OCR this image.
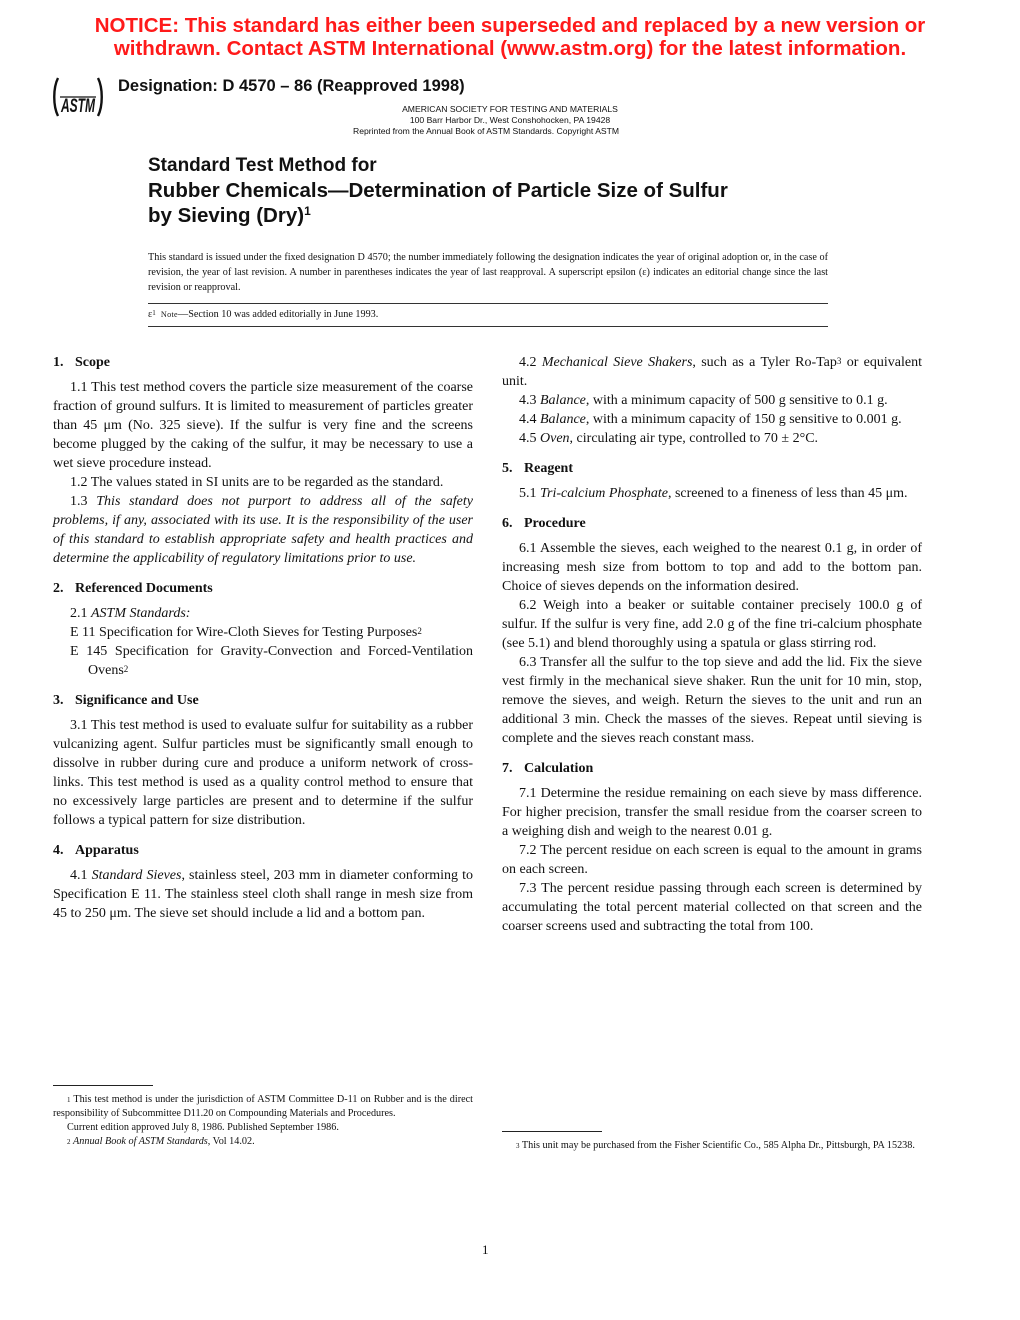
NOTICE: This standard has either been superseded and replaced by a new version or
withdrawn. Contact ASTM International (www.astm.org) for the latest information.
ASTM
Designation: D 4570 – 86 (Reapproved 1998)
AMERICAN SOCIETY FOR TESTING AND MATERIALS
100 Barr Harbor Dr., West Conshohocken, PA 19428
Reprinted from the Annual Book of ASTM Standards. Copyright ASTM
Standard Test Method for
Rubber Chemicals—Determination of Particle Size of Sulfur
by Sieving (Dry)$^1$
This standard is issued under the fixed designation D 4570; the number immediately following the designation indicates the year of original adoption or, in the case of revision, the year of last revision. A number in parentheses indicates the year of last reapproval. A superscript epsilon (ε) indicates an editorial change since the last revision or reapproval.
$\varepsilon^1$ Note—Section 10 was added editorially in June 1993.
1. Scope

1.1 This test method covers the particle size measurement of the coarse fraction of ground sulfurs. It is limited to measurement of particles greater than 45 μm (No. 325 sieve). If the sulfur is very fine and the screens become plugged by the caking of the sulfur, it may be necessary to use a wet sieve procedure instead.

1.2 The values stated in SI units are to be regarded as the standard.

1.3 This standard does not purport to address all of the safety problems, if any, associated with its use. It is the responsibility of the user of this standard to establish appropriate safety and health practices and determine the applicability of regulatory limitations prior to use.

2. Referenced Documents

2.1 ASTM Standards:

E 11 Specification for Wire-Cloth Sieves for Testing Purposes$^2$

E 145 Specification for Gravity-Convection and Forced-Ventilation Ovens$^2$

3. Significance and Use

3.1 This test method is used to evaluate sulfur for suitability as a rubber vulcanizing agent. Sulfur particles must be significantly small enough to dissolve in rubber during cure and produce a uniform network of cross-links. This test method is used as a quality control method to ensure that no excessively large particles are present and to determine if the sulfur follows a typical pattern for size distribution.

4. Apparatus

4.1 Standard Sieves, stainless steel, 203 mm in diameter conforming to Specification E 11. The stainless steel cloth shall range in mesh size from 45 to 250 μm. The sieve set should include a lid and a bottom pan.

4.2 Mechanical Sieve Shakers, such as a Tyler Ro-Tap$^3$ or equivalent unit.

4.3 Balance, with a minimum capacity of 500 g sensitive to 0.1 g.

4.4 Balance, with a minimum capacity of 150 g sensitive to 0.001 g.

4.5 Oven, circulating air type, controlled to 70 ± 2°C.

5. Reagent

5.1 Tri-calcium Phosphate, screened to a fineness of less than 45 μm.

6. Procedure

6.1 Assemble the sieves, each weighed to the nearest 0.1 g, in order of increasing mesh size from bottom to top and add to the bottom pan. Choice of sieves depends on the information desired.

6.2 Weigh into a beaker or suitable container precisely 100.0 g of sulfur. If the sulfur is very fine, add 2.0 g of the fine tri-calcium phosphate (see 5.1) and blend thoroughly using a spatula or glass stirring rod.

6.3 Transfer all the sulfur to the top sieve and add the lid. Fix the sieve vest firmly in the mechanical sieve shaker. Run the unit for 10 min, stop, remove the sieves, and weigh. Return the sieves to the unit and run an additional 3 min. Check the masses of the sieves. Repeat until sieving is complete and the sieves reach constant mass.

7. Calculation

7.1 Determine the residue remaining on each sieve by mass difference. For higher precision, transfer the small residue from the coarser screen to a weighing dish and weigh to the nearest 0.01 g.

7.2 The percent residue on each screen is equal to the amount in grams on each screen.

7.3 The percent residue passing through each screen is determined by accumulating the total percent material collected on that screen and the coarser screens used and subtracting the total from 100.

$^1$ This test method is under the jurisdiction of ASTM Committee D-11 on Rubber and is the direct responsibility of Subcommittee D11.20 on Compounding Materials and Procedures.

Current edition approved July 8, 1986. Published September 1986.

$^2$ Annual Book of ASTM Standards, Vol 14.02.	$^3$ This unit may be purchased from the Fisher Scientific Co., 585 Alpha Dr., Pittsburgh, PA 15238.

1
